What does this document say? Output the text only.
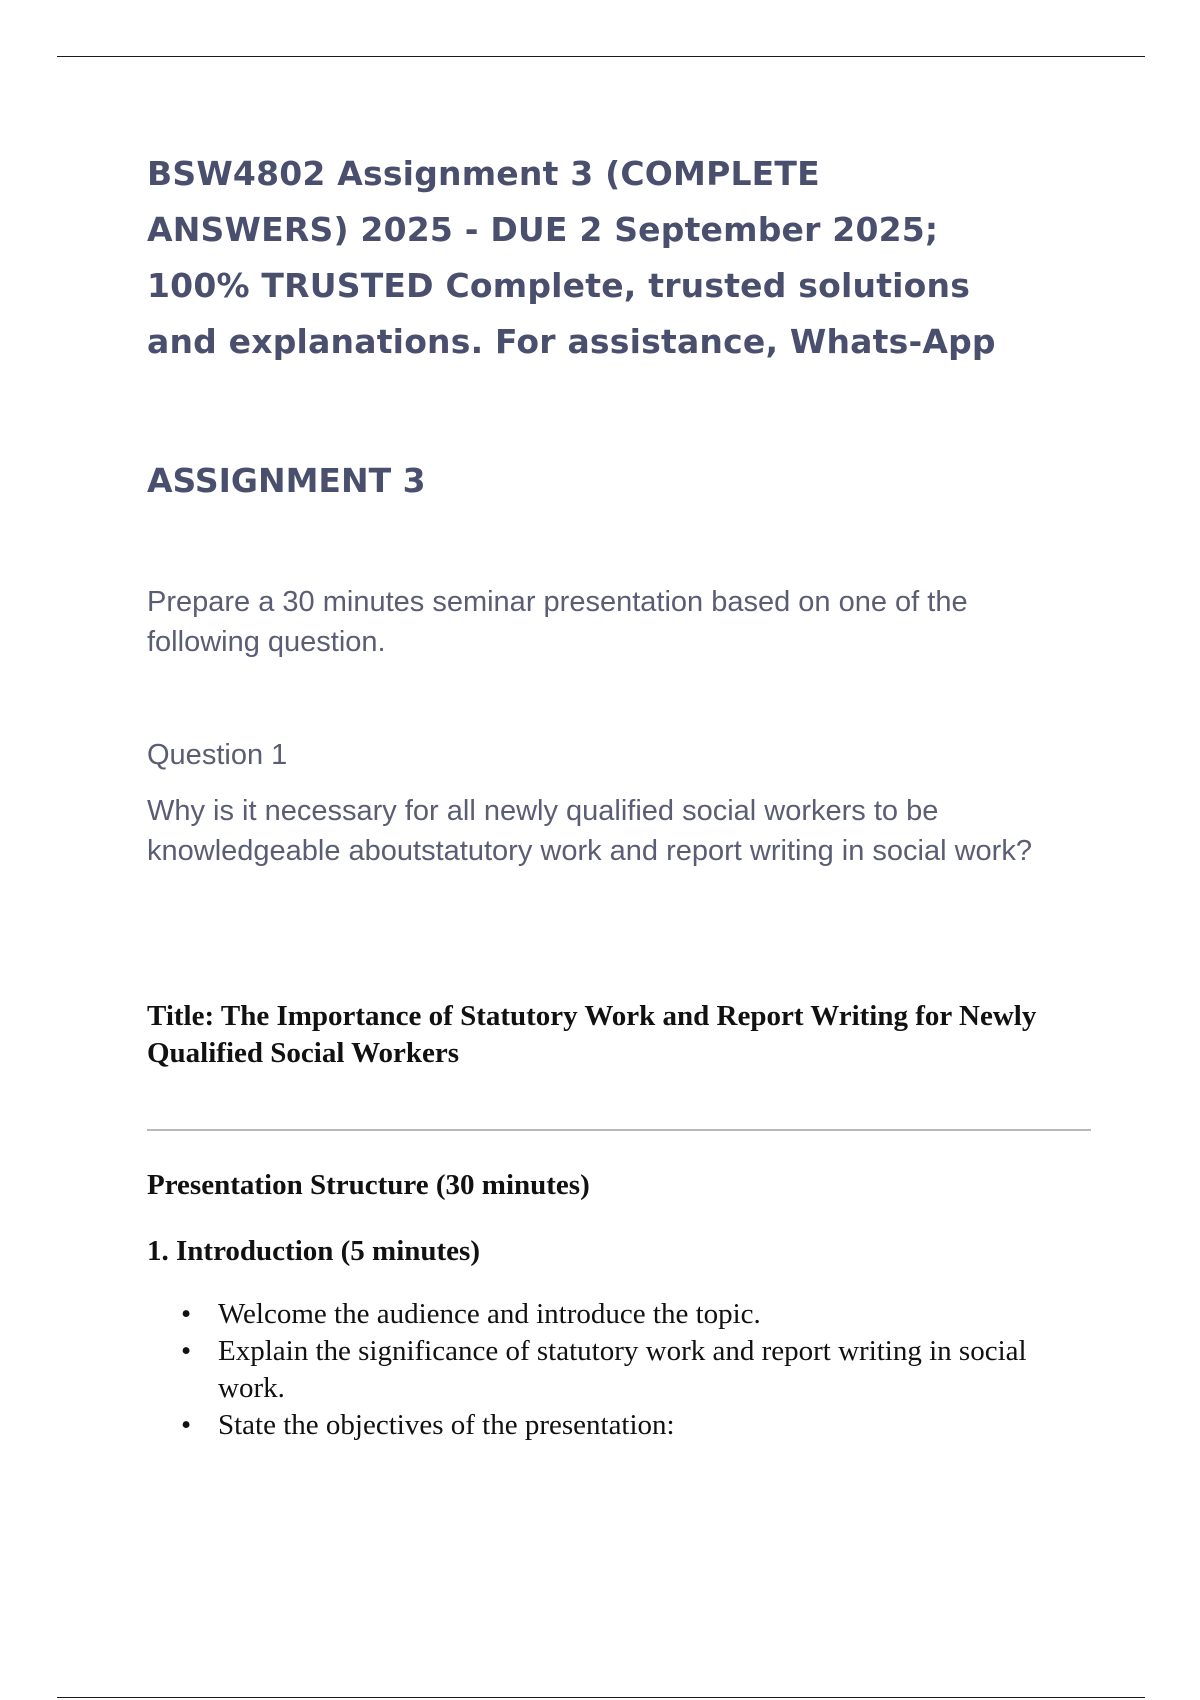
BSW4802 Assignment 3 (COMPLETE
ANSWERS) 2025 - DUE 2 September 2025;
100% TRUSTED Complete, trusted solutions
and explanations. For assistance, Whats-App
ASSIGNMENT 3

Prepare a 30 minutes seminar presentation based on one of the following question.

Question 1

Why is it necessary for all newly qualified social workers to be knowledgeable aboutstatutory work and report writing in social work?

Title: The Importance of Statutory Work and Report Writing for Newly Qualified Social Workers
Presentation Structure (30 minutes)
1. Introduction (5 minutes)
• Welcome the audience and introduce the topic.
• Explain the significance of statutory work and report writing in social work.
• State the objectives of the presentation:
